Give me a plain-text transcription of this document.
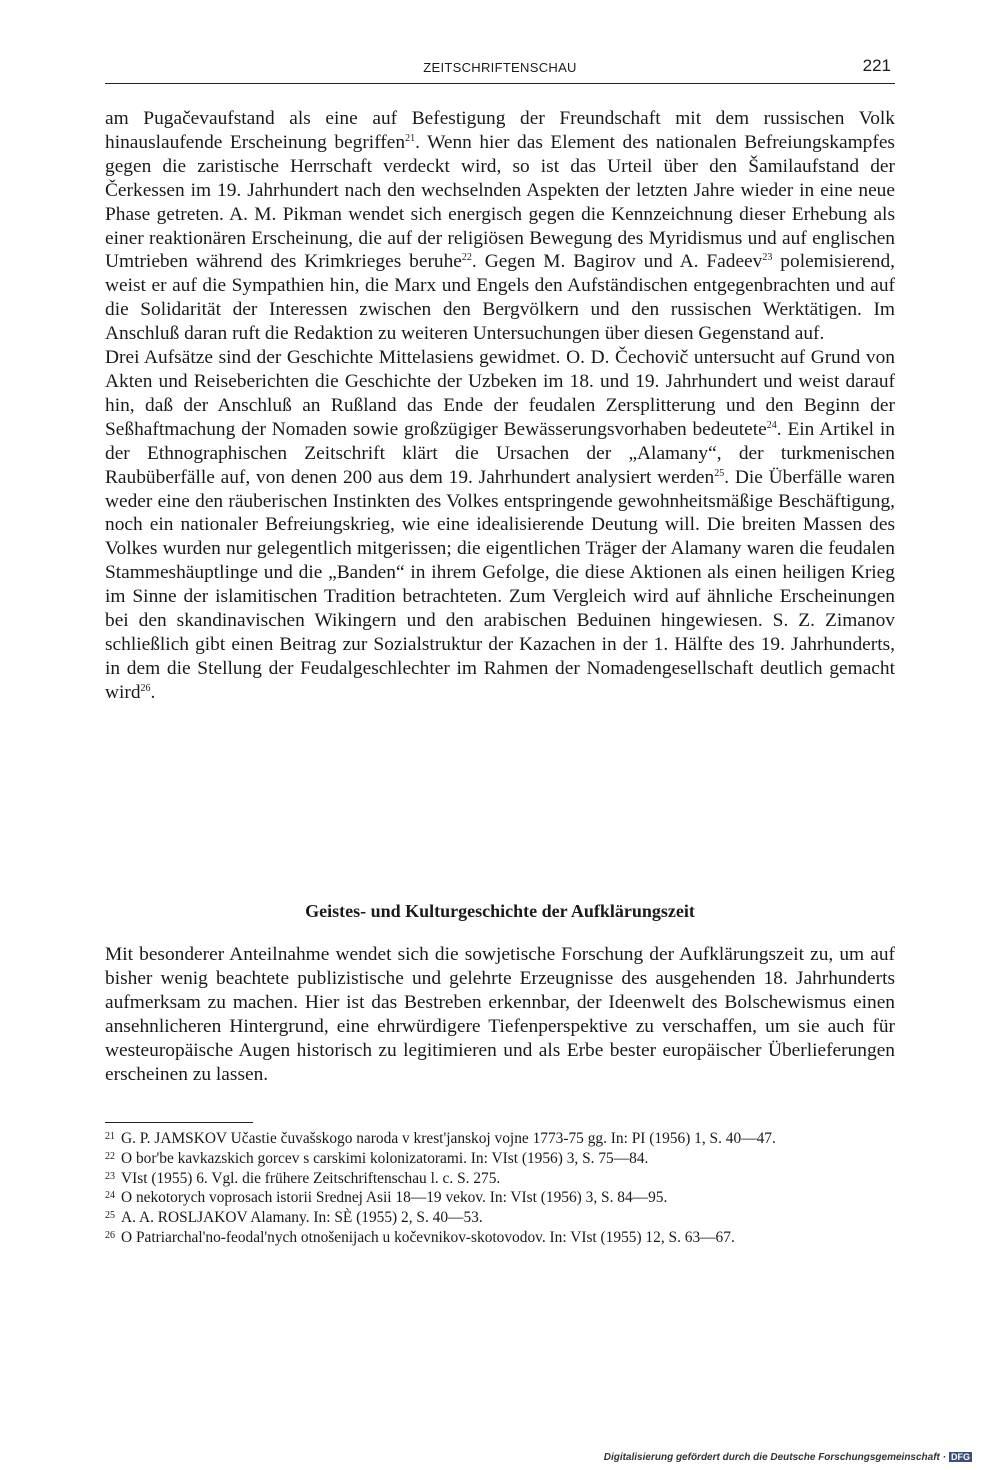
ZEITSCHRIFTENSCHAU	221

am Pugačevaufstand als eine auf Befestigung der Freundschaft mit dem russischen Volk hinauslaufende Erscheinung begriffen$^{21}$. Wenn hier das Element des nationalen Befreiungskampfes gegen die zaristische Herrschaft verdeckt wird, so ist das Urteil über den Šamilaufstand der Čerkessen im 19. Jahrhundert nach den wechselnden Aspekten der letzten Jahre wieder in eine neue Phase getreten. A. M. Pikman wendet sich energisch gegen die Kennzeichnung dieser Erhebung als einer reaktionären Erscheinung, die auf der religiösen Bewegung des Myridismus und auf englischen Umtrieben während des Krimkrieges beruhe$^{22}$. Gegen M. Bagirov und A. Fadeev$^{23}$ polemisierend, weist er auf die Sympathien hin, die Marx und Engels den Aufständischen entgegenbrachten und auf die Solidarität der Interessen zwischen den Bergvölkern und den russischen Werktätigen. Im Anschluß daran ruft die Redaktion zu weiteren Untersuchungen über diesen Gegenstand auf.

Drei Aufsätze sind der Geschichte Mittelasiens gewidmet. O. D. Čechovič untersucht auf Grund von Akten und Reiseberichten die Geschichte der Uzbeken im 18. und 19. Jahrhundert und weist darauf hin, daß der Anschluß an Rußland das Ende der feudalen Zersplitterung und den Beginn der Seßhaftmachung der Nomaden sowie großzügiger Bewässerungsvorhaben bedeutete$^{24}$. Ein Artikel in der Ethnographischen Zeitschrift klärt die Ursachen der „Alamany“, der turkmenischen Raubüberfälle auf, von denen 200 aus dem 19. Jahrhundert analysiert werden$^{25}$. Die Überfälle waren weder eine den räuberischen Instinkten des Volkes entspringende gewohnheitsmäßige Beschäftigung, noch ein nationaler Befreiungskrieg, wie eine idealisierende Deutung will. Die breiten Massen des Volkes wurden nur gelegentlich mitgerissen; die eigentlichen Träger der Alamany waren die feudalen Stammeshäuptlinge und die „Banden“ in ihrem Gefolge, die diese Aktionen als einen heiligen Krieg im Sinne der islamitischen Tradition betrachteten. Zum Vergleich wird auf ähnliche Erscheinungen bei den skandinavischen Wikingern und den arabischen Beduinen hingewiesen. S. Z. Zimanov schließlich gibt einen Beitrag zur Sozialstruktur der Kazachen in der 1. Hälfte des 19. Jahrhunderts, in dem die Stellung der Feudalgeschlechter im Rahmen der Nomadengesellschaft deutlich gemacht wird$^{26}$.

Geistes- und Kulturgeschichte der Aufklärungszeit

Mit besonderer Anteilnahme wendet sich die sowjetische Forschung der Aufklärungszeit zu, um auf bisher wenig beachtete publizistische und gelehrte Erzeugnisse des ausgehenden 18. Jahrhunderts aufmerksam zu machen. Hier ist das Bestreben erkennbar, der Ideenwelt des Bolschewismus einen ansehnlicheren Hintergrund, eine ehrwürdigere Tiefenperspektive zu verschaffen, um sie auch für westeuropäische Augen historisch zu legitimieren und als Erbe bester europäischer Überlieferungen erscheinen zu lassen.

$^{21}$ G. P. JAMSKOV Učastie čuvašskogo naroda v krest'janskoj vojne 1773-75 gg. In: PI (1956) 1, S. 40—47.

$^{22}$ O bor'be kavkazskich gorcev s carskimi kolonizatorami. In: VIst (1956) 3, S. 75—84.

$^{23}$ VIst (1955) 6. Vgl. die frühere Zeitschriftenschau l. c. S. 275.

$^{24}$ O nekotorych voprosach istorii Srednej Asii 18—19 vekov. In: VIst (1956) 3, S. 84—95.

$^{25}$ A. A. ROSLJAKOV Alamany. In: SÈ (1955) 2, S. 40—53.

$^{26}$ O Patriarchal'no-feodal'nych otnošenijach u kočevnikov-skotovodov. In: VIst (1955) 12, S. 63—67.

Digitalisierung gefördert durch die Deutsche Forschungsgemeinschaft · DFG
